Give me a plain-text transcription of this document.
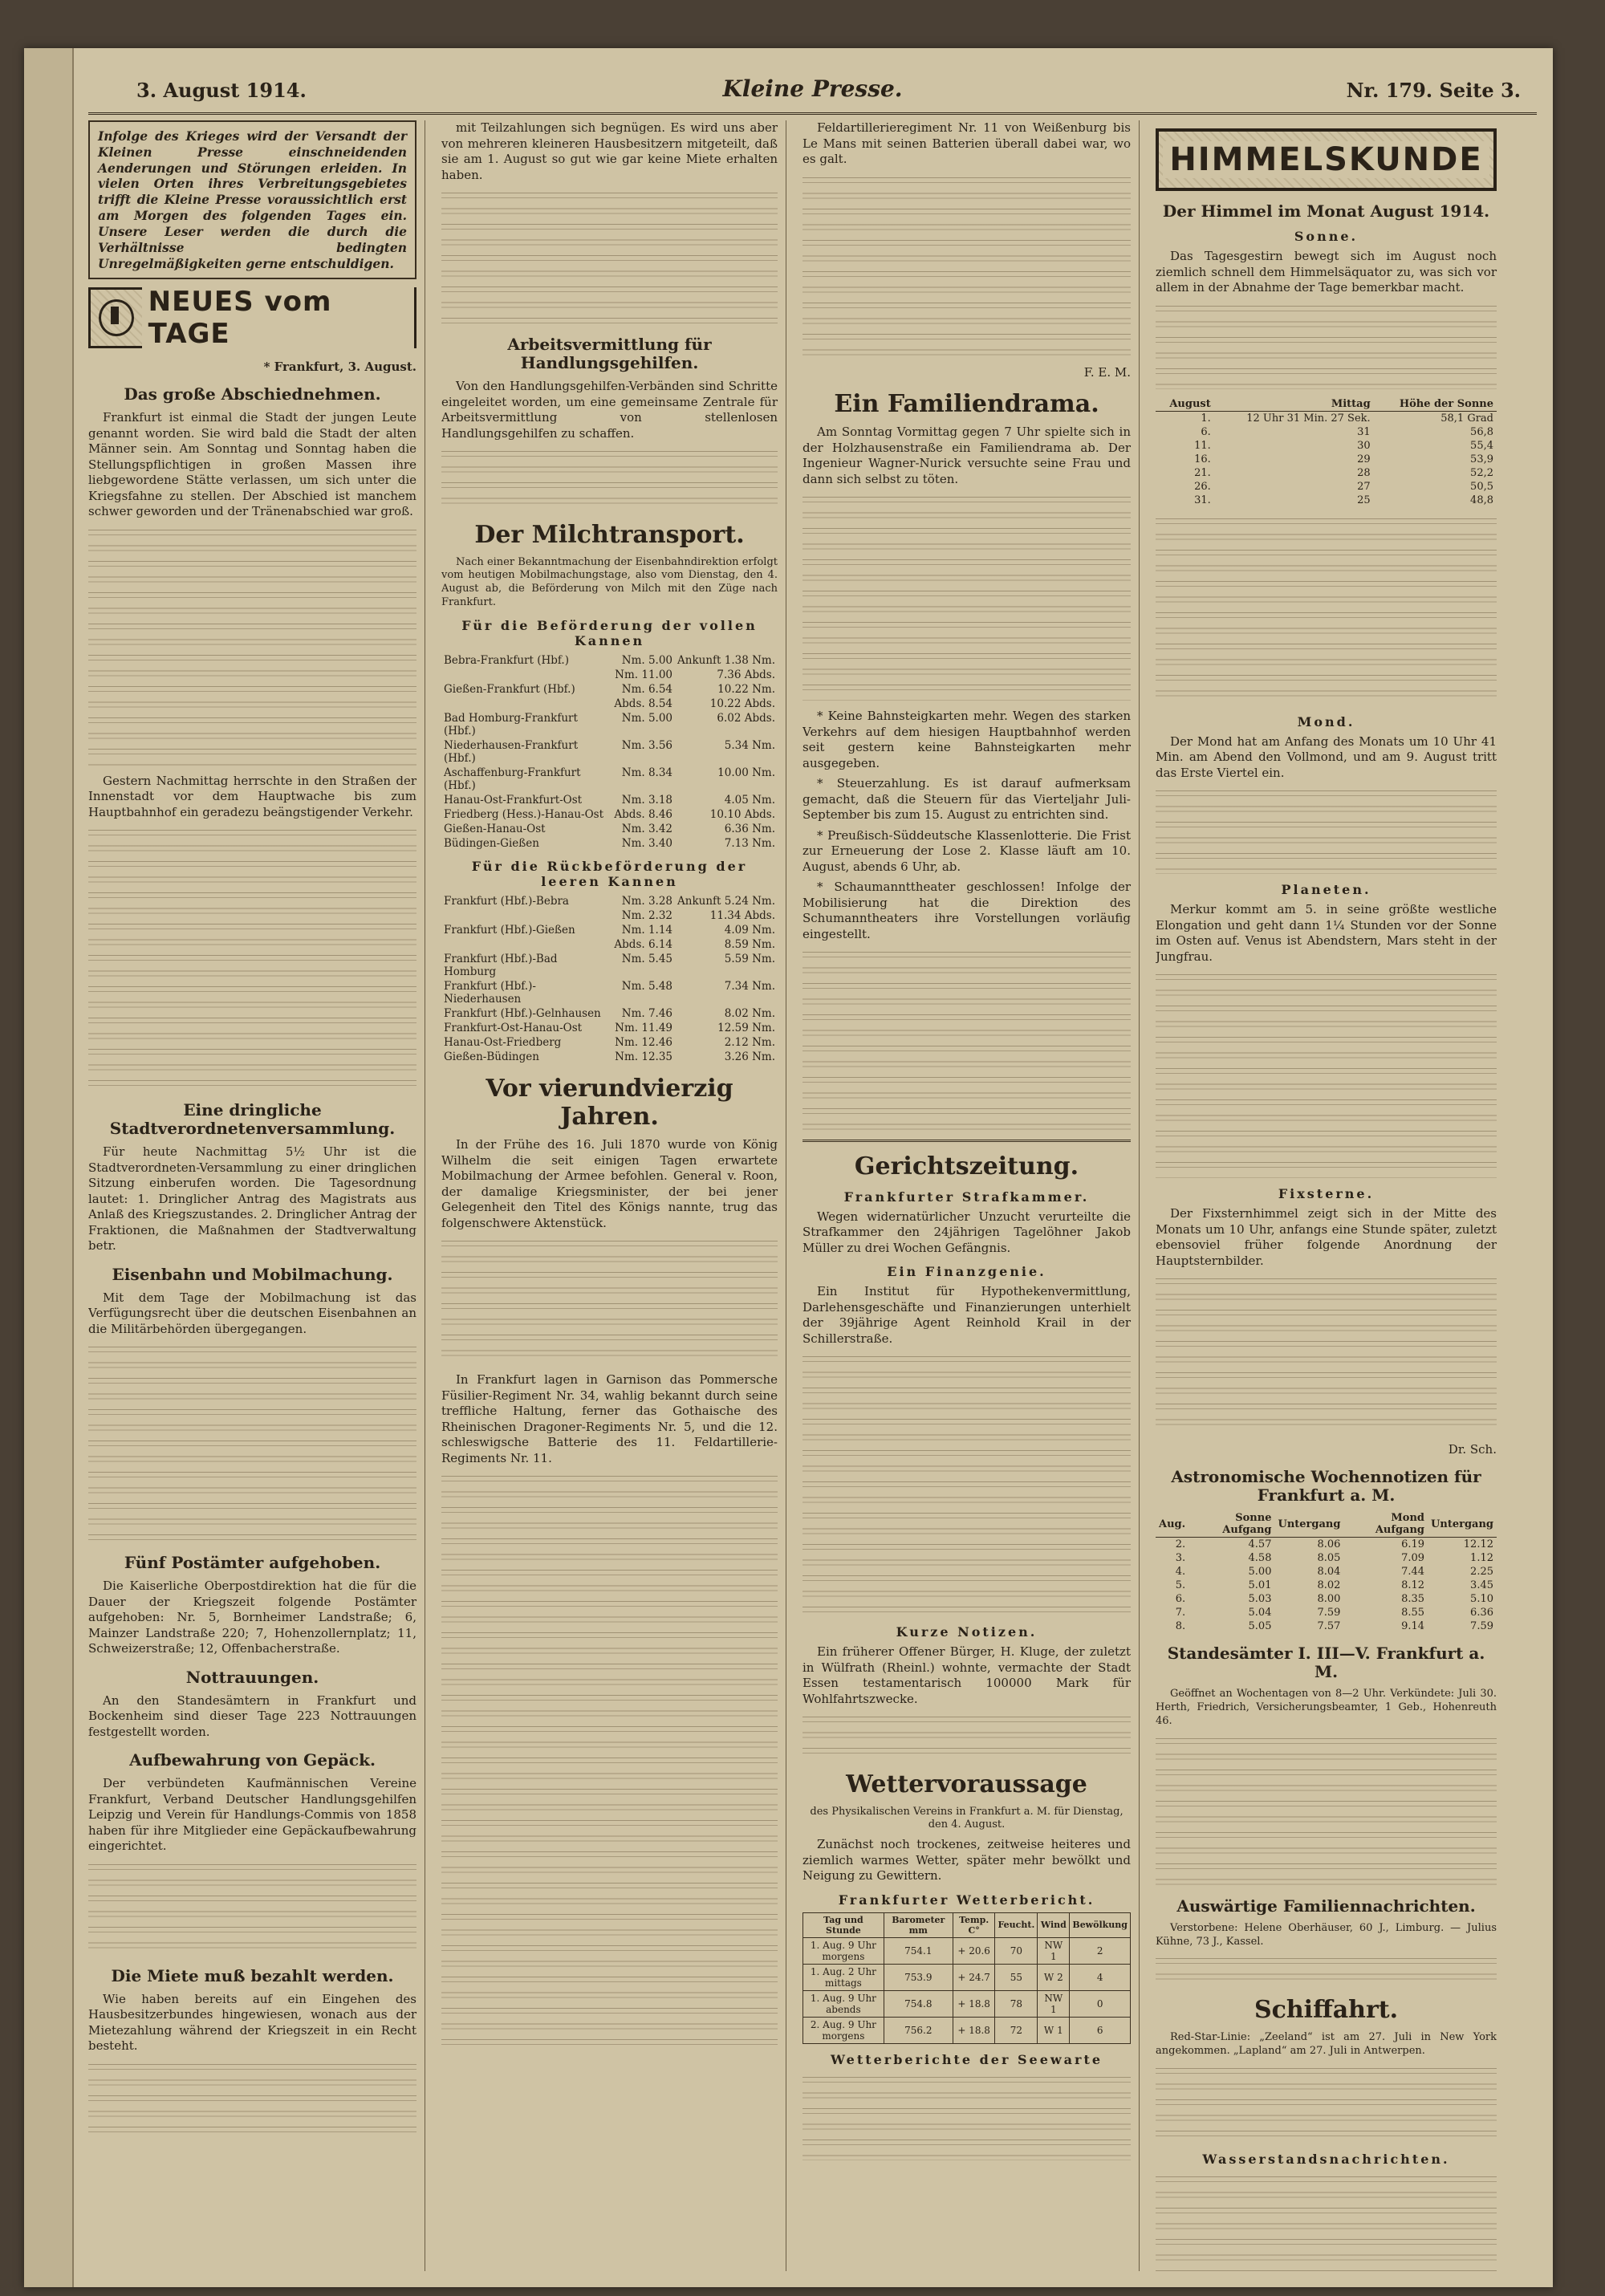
3. August 1914.	Kleine Presse.	Nr. 179. Seite 3.
Infolge des Krieges wird der Versandt der Kleinen Presse einschneidenden Aenderungen und Störungen erleiden. In vielen Orten ihres Verbreitungsgebietes trifft die Kleine Presse voraussichtlich erst am Morgen des folgenden Tages ein. Unsere Leser werden die durch die Verhältnisse bedingten Unregelmäßigkeiten gerne entschuldigen.
NEUES vom TAGE
* Frankfurt, 3. August.
Das große Abschiednehmen.

Frankfurt ist einmal die Stadt der jungen Leute genannt worden. Sie wird bald die Stadt der alten Männer sein. Am Sonntag und Sonntag haben die Stellungspflichtigen in großen Massen ihre liebgewordene Stätte verlassen, um sich unter die Kriegsfahne zu stellen. Der Abschied ist manchem schwer geworden und der Tränenabschied war groß.

Gestern Nachmittag herrschte in den Straßen der Innenstadt vor dem Hauptwache bis zum Hauptbahnhof ein geradezu beängstigender Verkehr.

Eine dringliche Stadtverordnetenversammlung.

Für heute Nachmittag 5½ Uhr ist die Stadtverordneten-Versammlung zu einer dringlichen Sitzung einberufen worden. Die Tagesordnung lautet: 1. Dringlicher Antrag des Magistrats aus Anlaß des Kriegszustandes. 2. Dringlicher Antrag der Fraktionen, die Maßnahmen der Stadtverwaltung betr.

Eisenbahn und Mobilmachung.

Mit dem Tage der Mobilmachung ist das Verfügungsrecht über die deutschen Eisenbahnen an die Militärbehörden übergegangen.

Fünf Postämter aufgehoben.

Die Kaiserliche Oberpostdirektion hat die für die Dauer der Kriegszeit folgende Postämter aufgehoben: Nr. 5, Bornheimer Landstraße; 6, Mainzer Landstraße 220; 7, Hohenzollernplatz; 11, Schweizerstraße; 12, Offenbacherstraße.

Nottrauungen.

An den Standesämtern in Frankfurt und Bockenheim sind dieser Tage 223 Nottrauungen festgestellt worden.

Aufbewahrung von Gepäck.

Der verbündeten Kaufmännischen Vereine Frankfurt, Verband Deutscher Handlungsgehilfen Leipzig und Verein für Handlungs-Commis von 1858 haben für ihre Mitglieder eine Gepäckaufbewahrung eingerichtet.

Die Miete muß bezahlt werden.

Wie haben bereits auf ein Eingehen des Hausbesitzerbundes hingewiesen, wonach aus der Mietezahlung während der Kriegszeit in ein Recht besteht.

mit Teilzahlungen sich begnügen. Es wird uns aber von mehreren kleineren Hausbesitzern mitgeteilt, daß sie am 1. August so gut wie gar keine Miete erhalten haben.

Arbeitsvermittlung für Handlungsgehilfen.

Von den Handlungsgehilfen-Verbänden sind Schritte eingeleitet worden, um eine gemeinsame Zentrale für Arbeitsvermittlung von stellenlosen Handlungsgehilfen zu schaffen.

Der Milchtransport.

Nach einer Bekanntmachung der Eisenbahndirektion erfolgt vom heutigen Mobilmachungstage, also vom Dienstag, den 4. August ab, die Beförderung von Milch mit den Züge nach Frankfurt.

Für die Beförderung der vollen Kannen
Bebra-Frankfurt (Hbf.)	Nm. 5.00	Ankunft 1.38 Nm.
	Nm. 11.00	7.36 Abds.
Gießen-Frankfurt (Hbf.)	Nm. 6.54	10.22 Nm.
	Abds. 8.54	10.22 Abds.
Bad Homburg-Frankfurt (Hbf.)	Nm. 5.00	6.02 Abds.
Niederhausen-Frankfurt (Hbf.)	Nm. 3.56	5.34 Nm.
Aschaffenburg-Frankfurt (Hbf.)	Nm. 8.34	10.00 Nm.
Hanau-Ost-Frankfurt-Ost	Nm. 3.18	4.05 Nm.
Friedberg (Hess.)-Hanau-Ost	Abds. 8.46	10.10 Abds.
Gießen-Hanau-Ost	Nm. 3.42	6.36 Nm.
Büdingen-Gießen	Nm. 3.40	7.13 Nm.
Für die Rückbeförderung der leeren Kannen
Frankfurt (Hbf.)-Bebra	Nm. 3.28	Ankunft 5.24 Nm.
	Nm. 2.32	11.34 Abds.
Frankfurt (Hbf.)-Gießen	Nm. 1.14	4.09 Nm.
	Abds. 6.14	8.59 Nm.
Frankfurt (Hbf.)-Bad Homburg	Nm. 5.45	5.59 Nm.
Frankfurt (Hbf.)-Niederhausen	Nm. 5.48	7.34 Nm.
Frankfurt (Hbf.)-Gelnhausen	Nm. 7.46	8.02 Nm.
Frankfurt-Ost-Hanau-Ost	Nm. 11.49	12.59 Nm.
Hanau-Ost-Friedberg	Nm. 12.46	2.12 Nm.
Gießen-Büdingen	Nm. 12.35	3.26 Nm.
Vor vierundvierzig Jahren.

In der Frühe des 16. Juli 1870 wurde von König Wilhelm die seit einigen Tagen erwartete Mobilmachung der Armee befohlen. General v. Roon, der damalige Kriegsminister, der bei jener Gelegenheit den Titel des Königs nannte, trug das folgenschwere Aktenstück.

In Frankfurt lagen in Garnison das Pommersche Füsilier-Regiment Nr. 34, wahlig bekannt durch seine treffliche Haltung, ferner das Gothaische des Rheinischen Dragoner-Regiments Nr. 5, und die 12. schleswigsche Batterie des 11. Feldartillerie-Regiments Nr. 11.

Feldartillerieregiment Nr. 11 von Weißenburg bis Le Mans mit seinen Batterien überall dabei war, wo es galt.

F. E. M.
Ein Familiendrama.

Am Sonntag Vormittag gegen 7 Uhr spielte sich in der Holzhausenstraße ein Familiendrama ab. Der Ingenieur Wagner-Nurick versuchte seine Frau und dann sich selbst zu töten.

* Keine Bahnsteigkarten mehr. Wegen des starken Verkehrs auf dem hiesigen Hauptbahnhof werden seit gestern keine Bahnsteigkarten mehr ausgegeben.

* Steuerzahlung. Es ist darauf aufmerksam gemacht, daß die Steuern für das Vierteljahr Juli-September bis zum 15. August zu entrichten sind.

* Preußisch-Süddeutsche Klassenlotterie. Die Frist zur Erneuerung der Lose 2. Klasse läuft am 10. August, abends 6 Uhr, ab.

* Schaumannttheater geschlossen! Infolge der Mobilisierung hat die Direktion des Schumanntheaters ihre Vorstellungen vorläufig eingestellt.

Gerichtszeitung.
Frankfurter Strafkammer.

Wegen widernatürlicher Unzucht verurteilte die Strafkammer den 24jährigen Tagelöhner Jakob Müller zu drei Wochen Gefängnis.

Ein Finanzgenie.

Ein Institut für Hypothekenvermittlung, Darlehensgeschäfte und Finanzierungen unterhielt der 39jährige Agent Reinhold Krail in der Schillerstraße.

Kurze Notizen.

Ein früherer Offener Bürger, H. Kluge, der zuletzt in Wülfrath (Rheinl.) wohnte, vermachte der Stadt Essen testamentarisch 100000 Mark für Wohlfahrtszwecke.

Wettervoraussage

des Physikalischen Vereins in Frankfurt a. M. für Dienstag, den 4. August.

Zunächst noch trockenes, zeitweise heiteres und ziemlich warmes Wetter, später mehr bewölkt und Neigung zu Gewittern.

Frankfurter Wetterbericht.
Tag und Stunde	Barometer mm	Temp. C°	Feucht.	Wind	Bewölkung
1. Aug. 9 Uhr morgens	754.1	+ 20.6	70	NW 1	2
1. Aug. 2 Uhr mittags	753.9	+ 24.7	55	W 2	4
1. Aug. 9 Uhr abends	754.8	+ 18.8	78	NW 1	0
2. Aug. 9 Uhr morgens	756.2	+ 18.8	72	W 1	6
Wetterberichte der Seewarte
HIMMELSKUNDE
Der Himmel im Monat August 1914.
Sonne.

Das Tagesgestirn bewegt sich im August noch ziemlich schnell dem Himmelsäquator zu, was sich vor allem in der Abnahme der Tage bemerkbar macht.

August	Mittag	Höhe der Sonne
1.	12 Uhr 31 Min. 27 Sek.	58,1 Grad
6.	31	56,8
11.	30	55,4
16.	29	53,9
21.	28	52,2
26.	27	50,5
31.	25	48,8
Mond.

Der Mond hat am Anfang des Monats um 10 Uhr 41 Min. am Abend den Vollmond, und am 9. August tritt das Erste Viertel ein.

Planeten.

Merkur kommt am 5. in seine größte westliche Elongation und geht dann 1¼ Stunden vor der Sonne im Osten auf. Venus ist Abendstern, Mars steht in der Jungfrau.

Fixsterne.

Der Fixsternhimmel zeigt sich in der Mitte des Monats um 10 Uhr, anfangs eine Stunde später, zuletzt ebensoviel früher folgende Anordnung der Hauptsternbilder.

Dr. Sch.
Astronomische Wochennotizen für Frankfurt a. M.
Aug.	Sonne Aufgang	Untergang	Mond Aufgang	Untergang
2.	4.57	8.06	6.19	12.12
3.	4.58	8.05	7.09	1.12
4.	5.00	8.04	7.44	2.25
5.	5.01	8.02	8.12	3.45
6.	5.03	8.00	8.35	5.10
7.	5.04	7.59	8.55	6.36
8.	5.05	7.57	9.14	7.59
Standesämter I. III—V. Frankfurt a. M.

Geöffnet an Wochentagen von 8—2 Uhr. Verkündete: Juli 30. Herth, Friedrich, Versicherungsbeamter, 1 Geb., Hohenreuth 46.

Auswärtige Familiennachrichten.

Verstorbene: Helene Oberhäuser, 60 J., Limburg. — Julius Kühne, 73 J., Kassel.

Schiffahrt.

Red-Star-Linie: „Zeeland“ ist am 27. Juli in New York angekommen. „Lapland“ am 27. Juli in Antwerpen.

Wasserstandsnachrichten.
